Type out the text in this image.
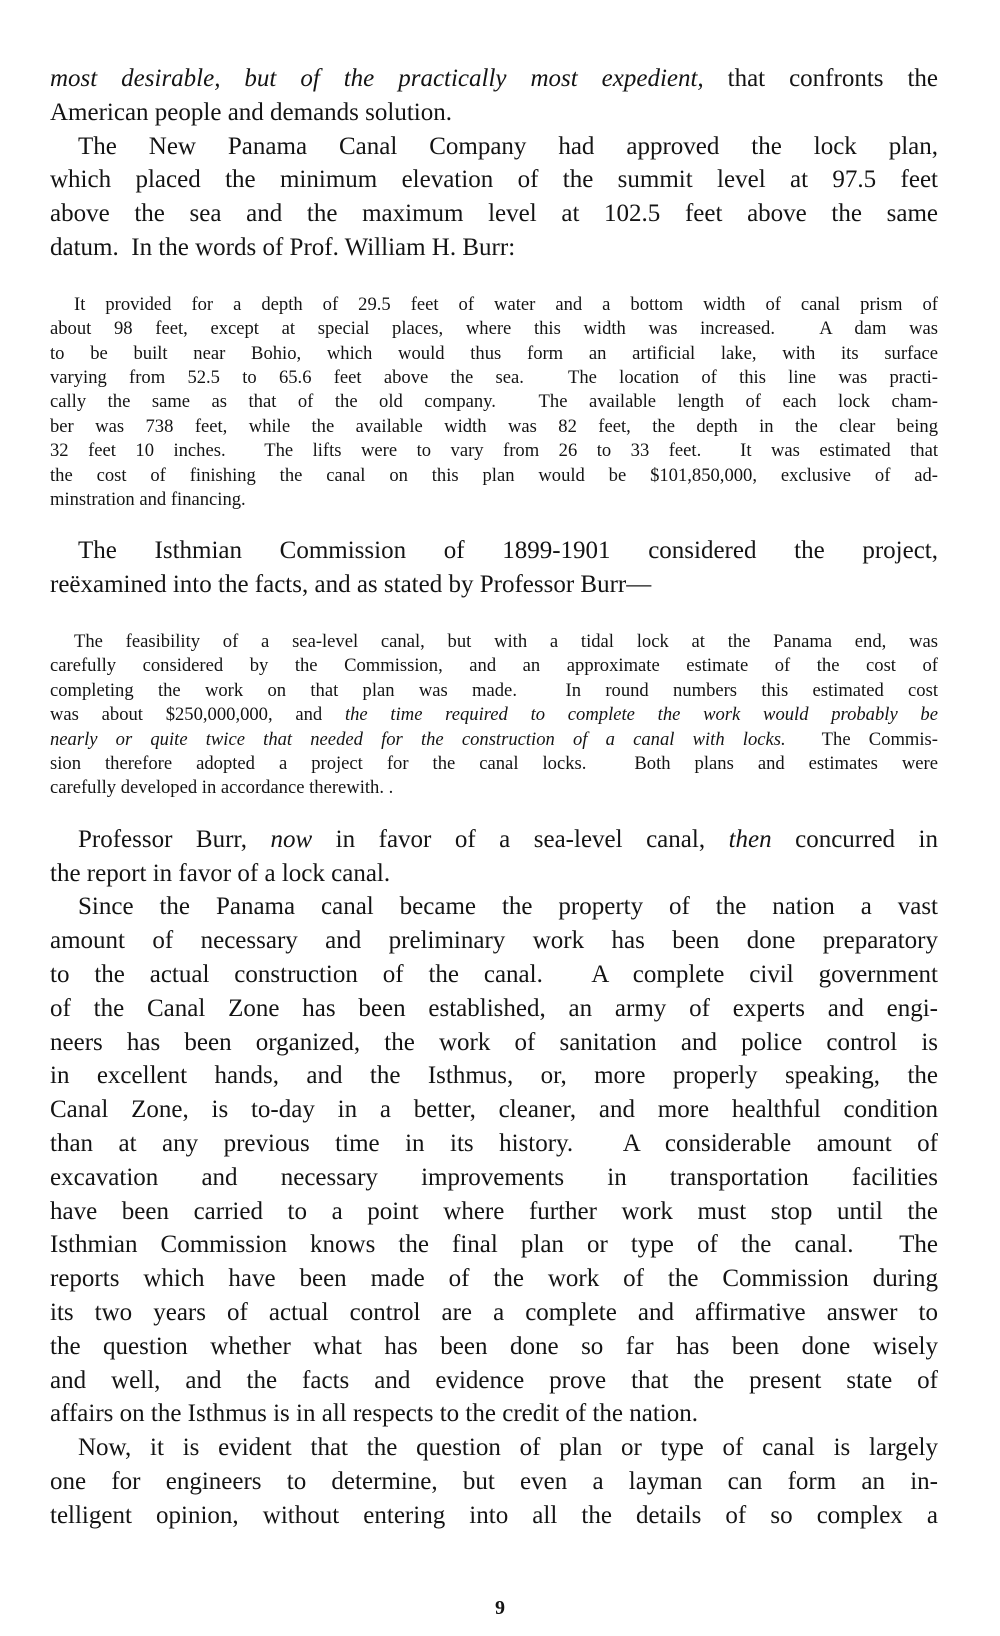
most desirable, but of the practically most expedient, that confronts the
American people and demands solution.
The New Panama Canal Company had approved the lock plan,
which placed the minimum elevation of the summit level at 97.5 feet
above the sea and the maximum level at 102.5 feet above the same
datum.  In the words of Prof. William H. Burr:
It provided for a depth of 29.5 feet of water and a bottom width of canal prism of
about 98 feet, except at special places, where this width was increased.  A dam was
to be built near Bohio, which would thus form an artificial lake, with its surface
varying from 52.5 to 65.6 feet above the sea.  The location of this line was practi-
cally the same as that of the old company.  The available length of each lock cham-
ber was 738 feet, while the available width was 82 feet, the depth in the clear being
32 feet 10 inches.  The lifts were to vary from 26 to 33 feet.  It was estimated that
the cost of finishing the canal on this plan would be $101,850,000, exclusive of ad-
minstration and financing.
The Isthmian Commission of 1899-1901 considered the project,
reëxamined into the facts, and as stated by Professor Burr—
The feasibility of a sea-level canal, but with a tidal lock at the Panama end, was
carefully considered by the Commission, and an approximate estimate of the cost of
completing the work on that plan was made.  In round numbers this estimated cost
was about $250,000,000, and the time required to complete the work would probably be
nearly or quite twice that needed for the construction of a canal with locks.  The Commis-
sion therefore adopted a project for the canal locks.  Both plans and estimates were
carefully developed in accordance therewith. .
Professor Burr, now in favor of a sea-level canal, then concurred in
the report in favor of a lock canal.
Since the Panama canal became the property of the nation a vast
amount of necessary and preliminary work has been done preparatory
to the actual construction of the canal.  A complete civil government
of the Canal Zone has been established, an army of experts and engi-
neers has been organized, the work of sanitation and police control is
in excellent hands, and the Isthmus, or, more properly speaking, the
Canal Zone, is to-day in a better, cleaner, and more healthful condition
than at any previous time in its history.  A considerable amount of
excavation and necessary improvements in transportation facilities
have been carried to a point where further work must stop until the
Isthmian Commission knows the final plan or type of the canal.  The
reports which have been made of the work of the Commission during
its two years of actual control are a complete and affirmative answer to
the question whether what has been done so far has been done wisely
and well, and the facts and evidence prove that the present state of
affairs on the Isthmus is in all respects to the credit of the nation.
Now, it is evident that the question of plan or type of canal is largely
one for engineers to determine, but even a layman can form an in-
telligent opinion, without entering into all the details of so complex a
9
